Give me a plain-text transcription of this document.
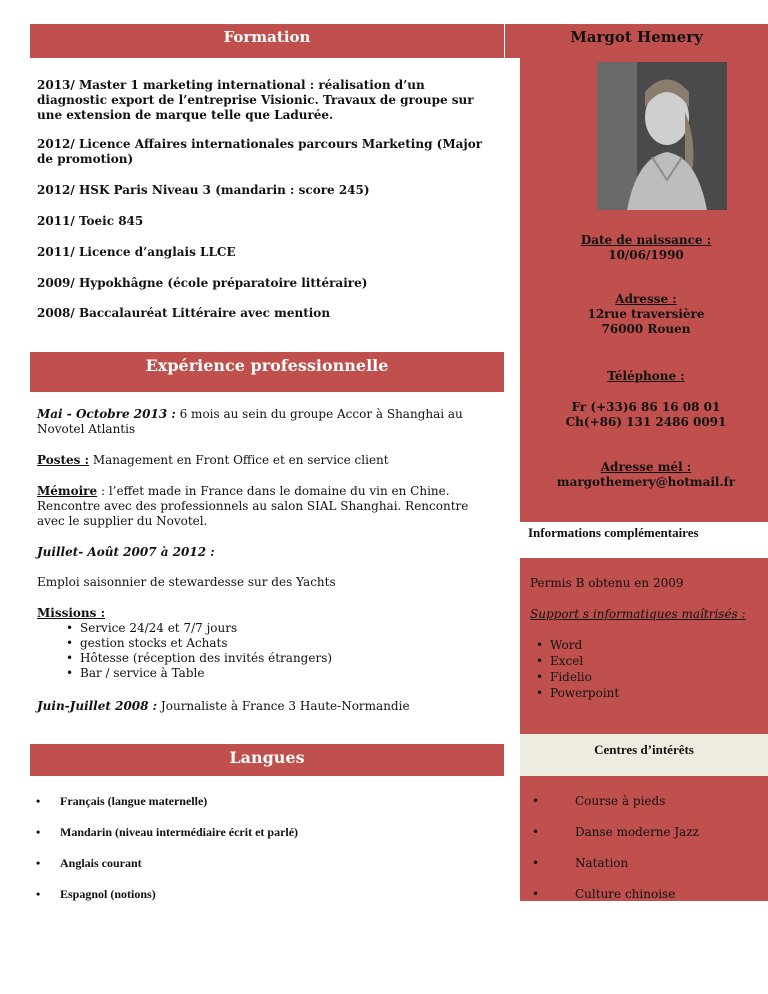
Formation	Margot Hemery
2013/ Master 1 marketing international : réalisation d’un diagnostic export de l’entreprise Visionic. Travaux de groupe sur une extension de marque telle que Ladurée.
2012/ Licence Affaires internationales parcours Marketing (Major de promotion)
2012/ HSK Paris Niveau 3 (mandarin : score 245)
2011/ Toeic 845
2011/ Licence d’anglais LLCE
2009/ Hypokhâgne (école préparatoire littéraire)
2008/ Baccalauréat Littéraire avec mention
Expérience professionnelle
Mai - Octobre 2013 : 6 mois au sein du groupe Accor à Shanghai au Novotel Atlantis
Postes : Management en Front Office et en service client
Mémoire : l’effet made in France dans le domaine du vin en Chine. Rencontre avec des professionnels au salon SIAL Shanghai. Rencontre avec le supplier du Novotel.
Juillet- Août 2007 à 2012 :
Emploi saisonnier de stewardesse sur des Yachts
Missions :
• Service 24/24 et 7/7 jours
• gestion stocks et Achats
• Hôtesse (réception des invités étrangers)
• Bar / service à Table
Juin-Juillet 2008 : Journaliste à France 3 Haute-Normandie
Langues
• Français (langue maternelle)
• Mandarin (niveau intermédiaire écrit et parlé)
• Anglais courant
• Espagnol (notions)
Date de naissance :
10/06/1990
Adresse :
12rue traversière
76000 Rouen
Téléphone :
Fr (+33)6 86 16 08 01
Ch(+86) 131 2486 0091
Adresse mél :
margothemery@hotmail.fr
Informations complémentaires
Permis B obtenu en 2009
Support s informatiques maîtrisés :
• Word
• Excel
• Fidelio
• Powerpoint
Centres d’intérêts
• Course à pieds
• Danse moderne Jazz
• Natation
• Culture chinoise
